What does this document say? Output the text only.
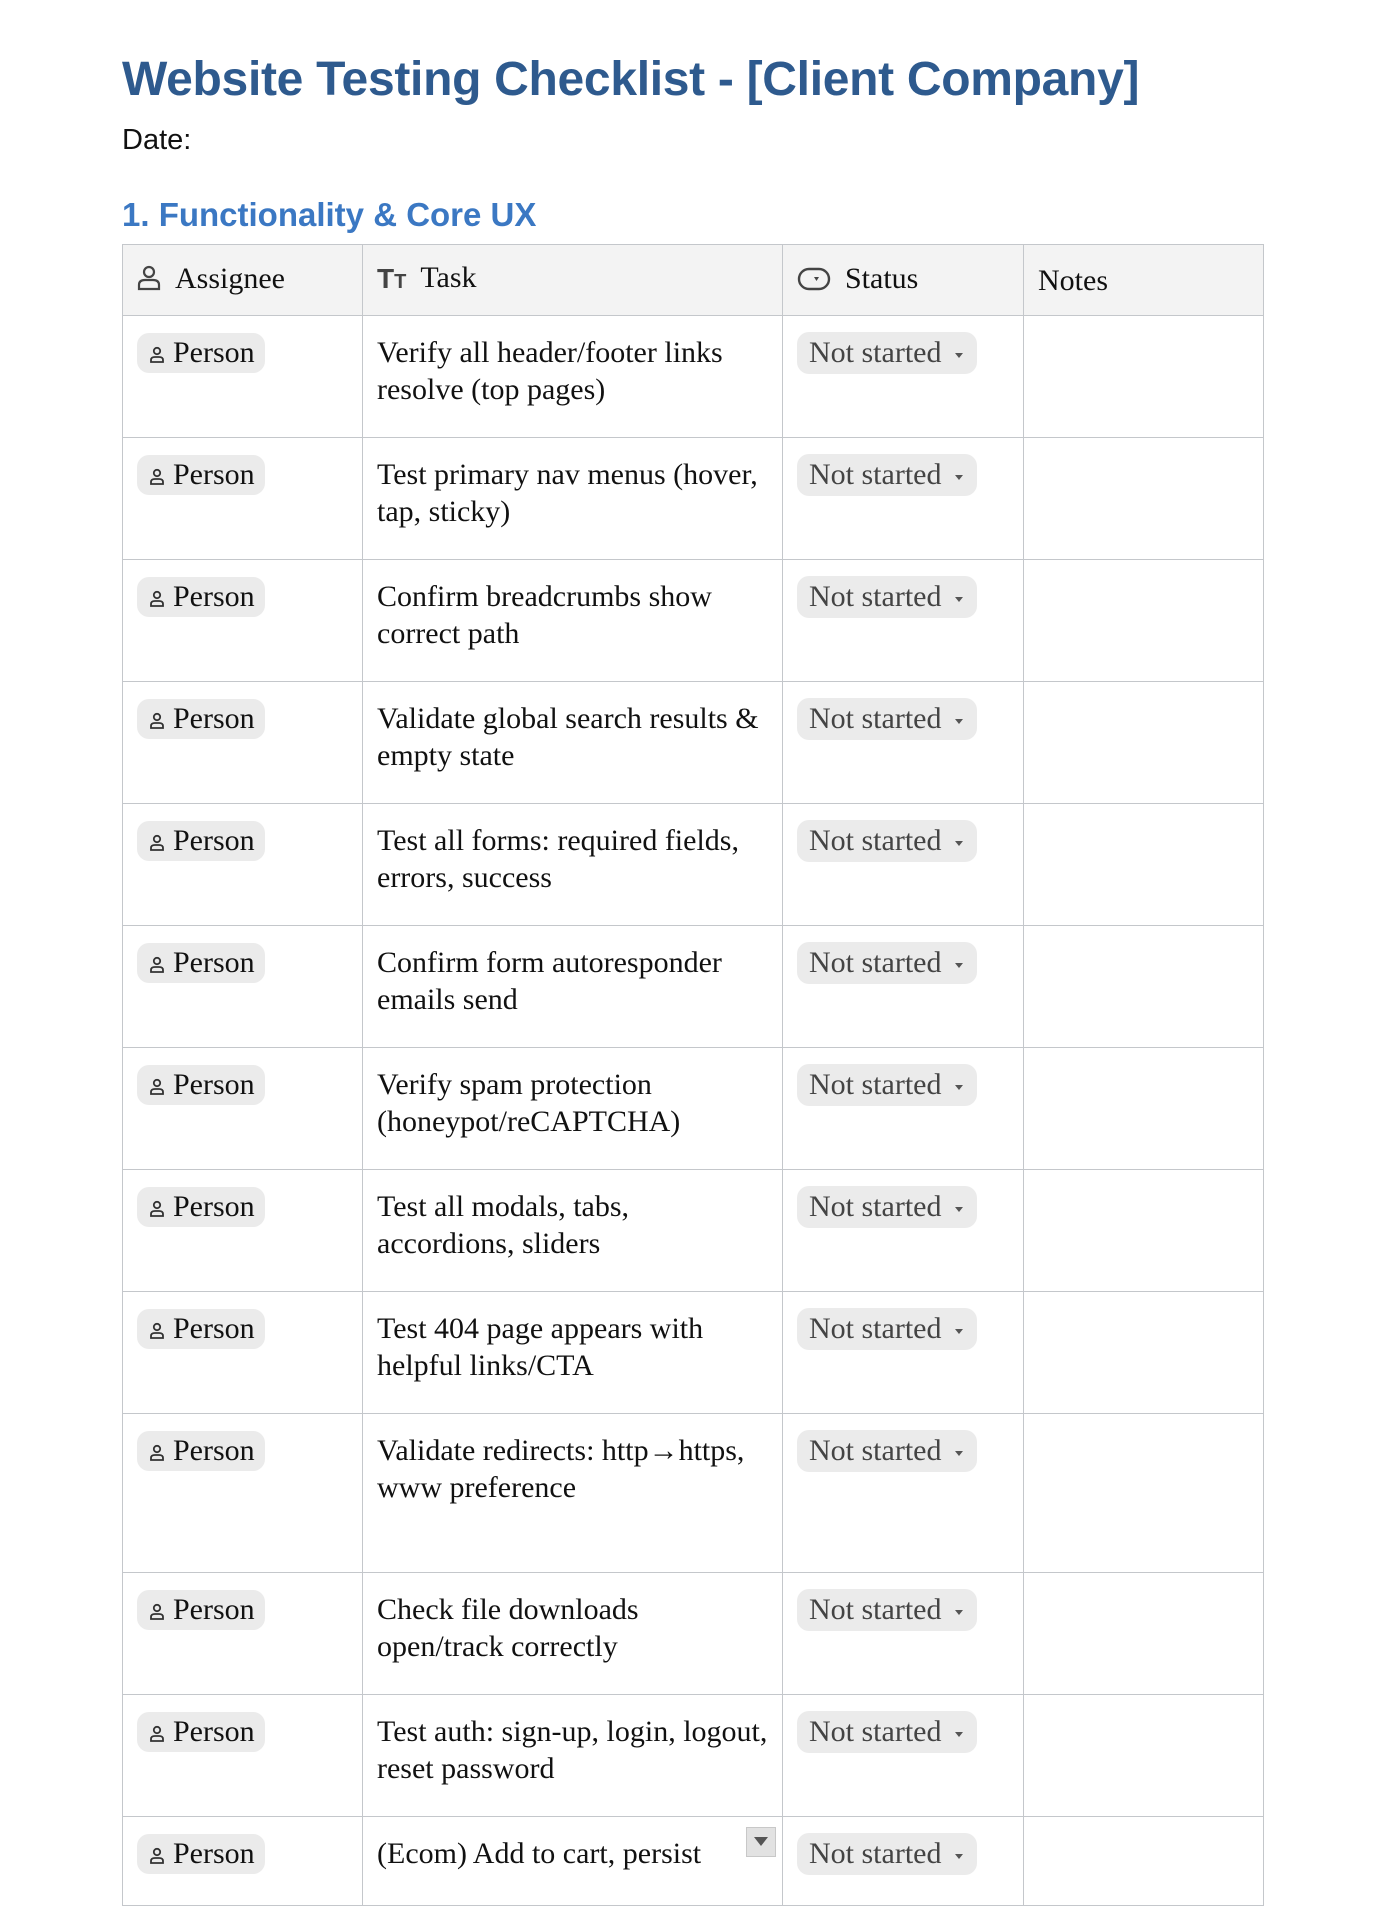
Website Testing Checklist - [Client Company]
Date:
1. Functionality & Core UX
Assignee	TT Task	Status	Notes
Person	Verify all header/footer links resolve (top pages)	Not started	
Person	Test primary nav menus (hover, tap, sticky)	Not started	
Person	Confirm breadcrumbs show correct path	Not started	
Person	Validate global search results & empty state	Not started	
Person	Test all forms: required fields, errors, success	Not started	
Person	Confirm form autoresponder emails send	Not started	
Person	Verify spam protection (honeypot/reCAPTCHA)	Not started	
Person	Test all modals, tabs, accordions, sliders	Not started	
Person	Test 404 page appears with helpful links/CTA	Not started	
Person	Validate redirects: http→https, www preference	Not started	
Person	Check file downloads open/track correctly	Not started	
Person	Test auth: sign-up, login, logout, reset password	Not started	
Person	(Ecom) Add to cart, persist	Not started	
